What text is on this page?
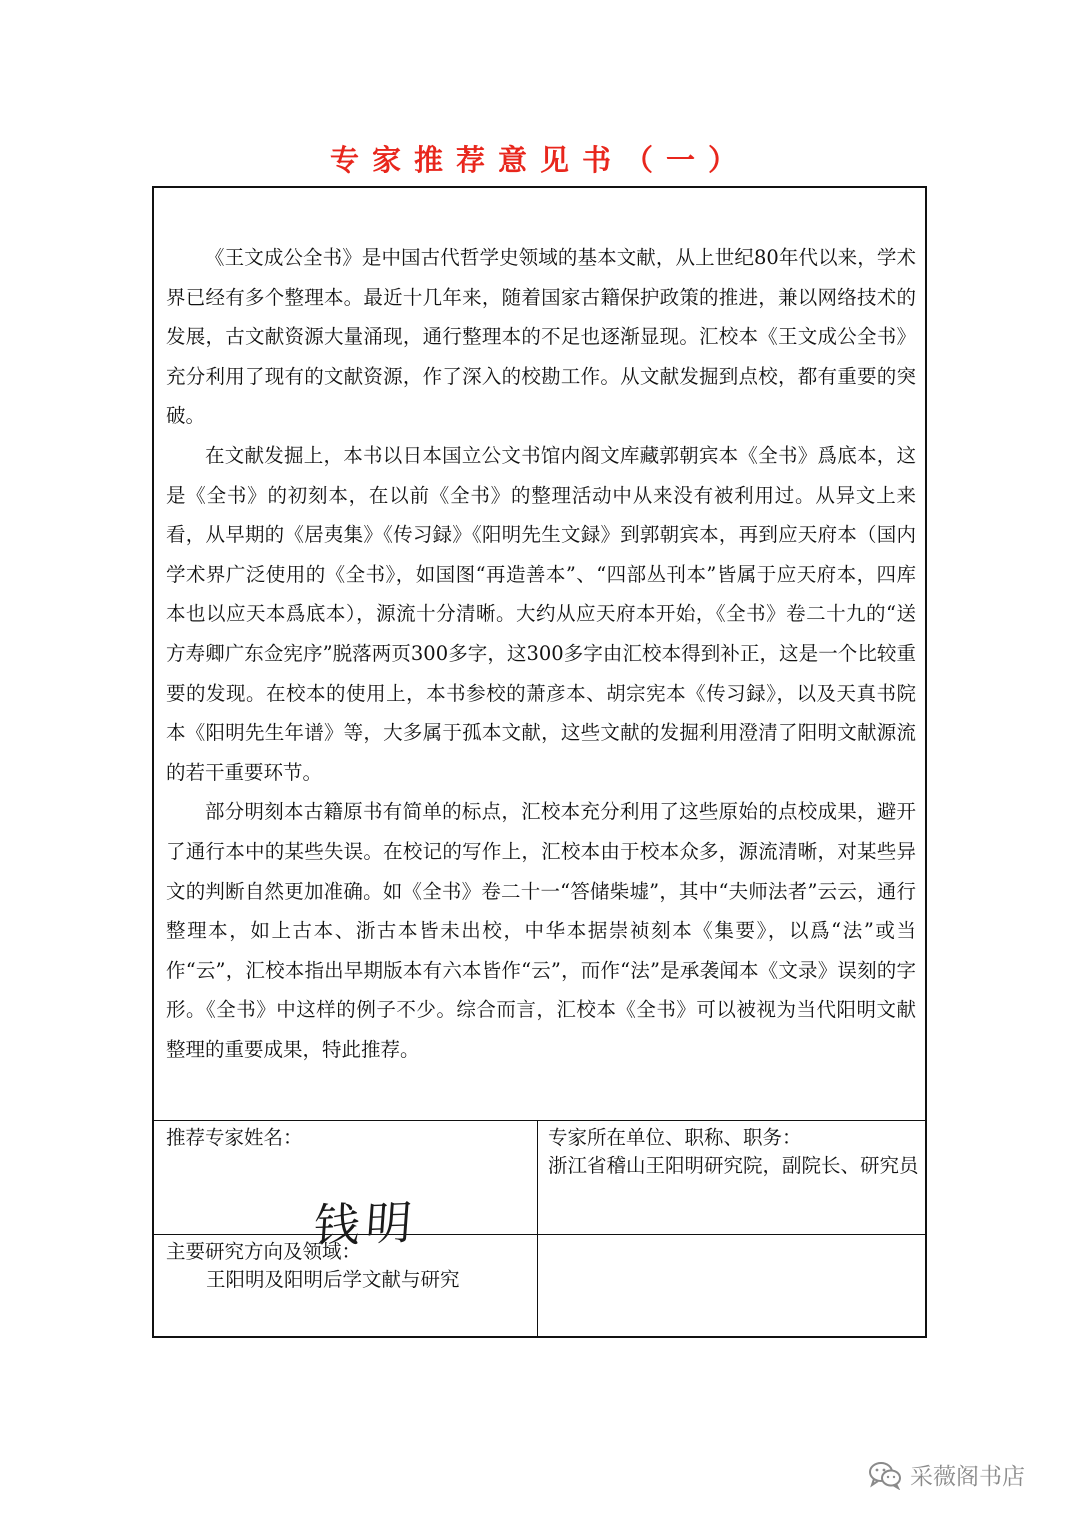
专家推荐意见书（一）

《王文成公全书》是中国古代哲学史领域的基本文献，从上世纪80年代以来，学术界已经有多个整理本。最近十几年来，随着国家古籍保护政策的推进，兼以网络技术的发展，古文献资源大量涌现，通行整理本的不足也逐渐显现。汇校本《王文成公全书》充分利用了现有的文献资源，作了深入的校勘工作。从文献发掘到点校，都有重要的突破。

在文献发掘上，本书以日本国立公文书馆内阁文库藏郭朝宾本《全书》爲底本，这是《全书》的初刻本，在以前《全书》的整理活动中从来没有被利用过。从异文上来看，从早期的《居夷集》《传习録》《阳明先生文録》到郭朝宾本，再到应天府本（国内学术界广泛使用的《全书》，如国图“再造善本”、“四部丛刊本”皆属于应天府本，四库本也以应天本爲底本），源流十分清晰。大约从应天府本开始，《全书》卷二十九的“送方寿卿广东佥宪序”脱落两页300多字，这300多字由汇校本得到补正，这是一个比较重要的发现。在校本的使用上，本书参校的萧彦本、胡宗宪本《传习録》，以及天真书院本《阳明先生年谱》等，大多属于孤本文献，这些文献的发掘利用澄清了阳明文献源流的若干重要环节。

部分明刻本古籍原书有简单的标点，汇校本充分利用了这些原始的点校成果，避开了通行本中的某些失误。在校记的写作上，汇校本由于校本众多，源流清晰，对某些异文的判断自然更加准确。如《全书》卷二十一“答储柴墟”，其中“夫师法者”云云，通行整理本，如上古本、浙古本皆未出校，中华本据崇祯刻本《集要》，以爲“法”或当作“云”，汇校本指出早期版本有六本皆作“云”，而作“法”是承袭闻本《文录》误刻的字形。《全书》中这样的例子不少。综合而言，汇校本《全书》可以被视为当代阳明文献整理的重要成果，特此推荐。

推荐专家姓名：
钱明
专家所在单位、职称、职务：
浙江省稽山王阳明研究院，副院长、研究员
主要研究方向及领域：
王阳明及阳明后学文献与研究
采薇阁书店
